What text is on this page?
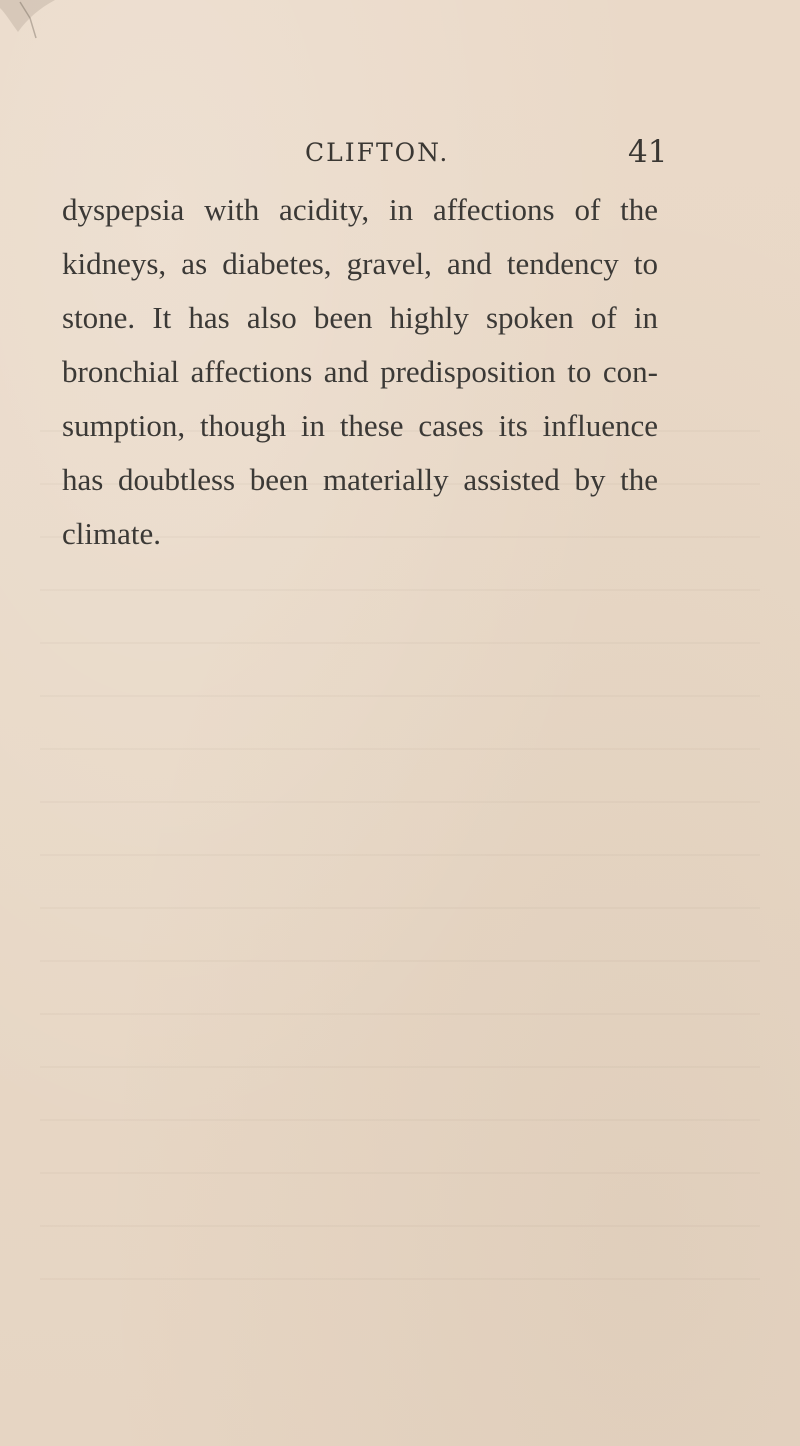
CLIFTON.	41
dyspepsia with acidity, in affections of the
kidneys, as diabetes, gravel, and tendency to
stone. It has also been highly spoken of in
bronchial affections and predisposition to con-
sumption, though in these cases its influence
has doubtless been materially assisted by the
climate.
